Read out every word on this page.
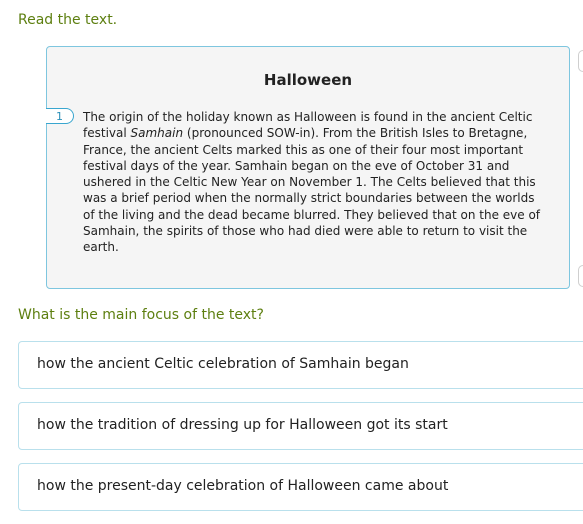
Read the text.
Halloween
1	The origin of the holiday known as Halloween is found in the ancient Celtic festival Samhain (pronounced SOW-in). From the British Isles to Bretagne, France, the ancient Celts marked this as one of their four most important festival days of the year. Samhain began on the eve of October 31 and ushered in the Celtic New Year on November 1. The Celts believed that this was a brief period when the normally strict boundaries between the worlds of the living and the dead became blurred. They believed that on the eve of Samhain, the spirits of those who had died were able to return to visit the earth.
What is the main focus of the text?
how the ancient Celtic celebration of Samhain began
how the tradition of dressing up for Halloween got its start
how the present-day celebration of Halloween came about
